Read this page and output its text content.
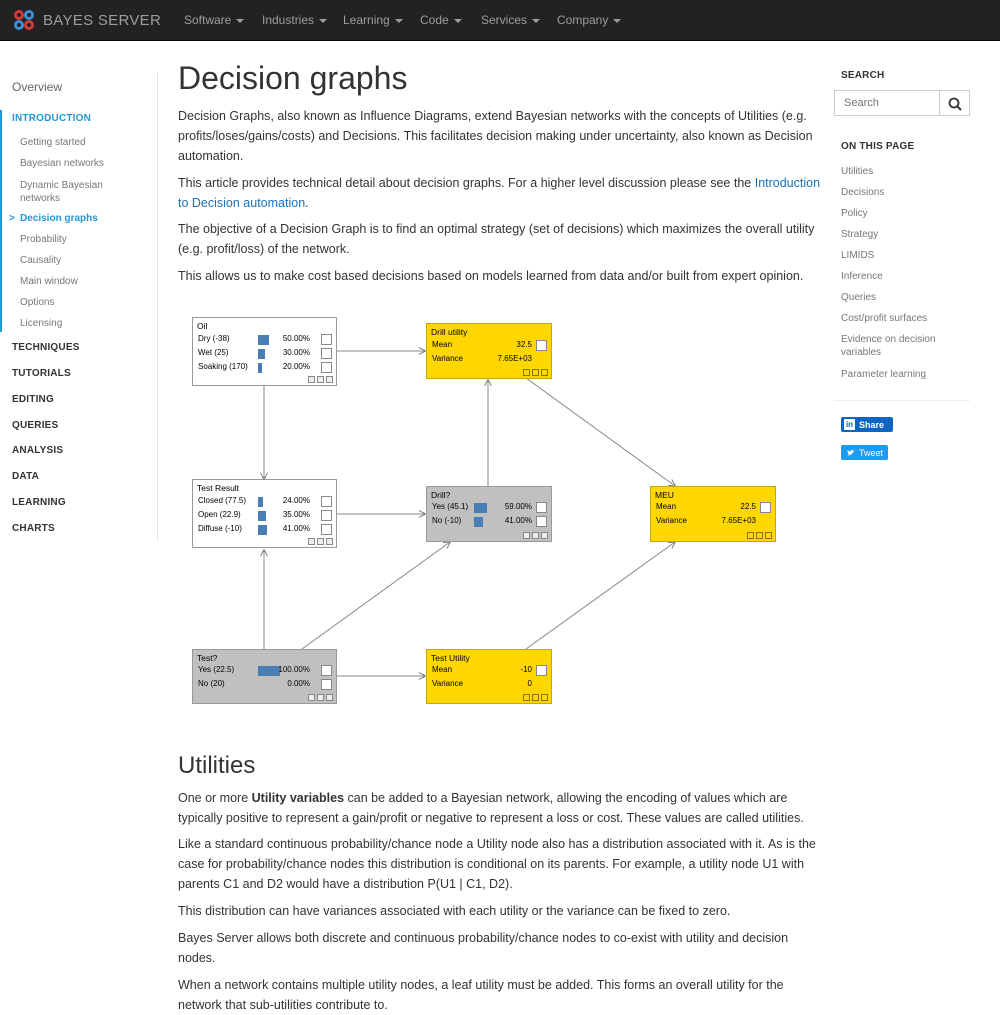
BAYES SERVER Software	Industries	Learning	Code	Services	Company
Overview
INTRODUCTION
Getting started
Bayesian networks
Dynamic Bayesian networks
> Decision graphs
Probability
Causality
Main window
Options
Licensing
TECHNIQUES
TUTORIALS
EDITING
QUERIES
ANALYSIS
DATA
LEARNING
CHARTS
Decision graphs

Decision Graphs, also known as Influence Diagrams, extend Bayesian networks with the concepts of Utilities (e.g. profits/loses/gains/costs) and Decisions. This facilitates decision making under uncertainty, also known as Decision automation.

This article provides technical detail about decision graphs. For a higher level discussion please see the Introduction to Decision automation.

The objective of a Decision Graph is to find an optimal strategy (set of decisions) which maximizes the overall utility (e.g. profit/loss) of the network.

This allows us to make cost based decisions based on models learned from data and/or built from expert opinion.

Oil
Dry (-38)	50.00%
Wet (25)	30.00%
Soaking (170)	20.00%
Test Result
Closed (77.5)	24.00%
Open (22.9)	35.00%
Diffuse (-10)	41.00%
Test?
Yes (22.5)	100.00%
No (20)	0.00%
Drill?
Yes (45.1)	59.00%
No (-10)	41.00%
Drill utility
Mean	32.5
Variance	7.65E+03
MEU
Mean	22.5
Variance	7.65E+03
Test Utility
Mean	-10
Variance	0
Utilities

One or more Utility variables can be added to a Bayesian network, allowing the encoding of values which are typically positive to represent a gain/profit or negative to represent a loss or cost. These values are called utilities.

Like a standard continuous probability/chance node a Utility node also has a distribution associated with it. As is the case for probability/chance nodes this distribution is conditional on its parents. For example, a utility node U1 with parents C1 and D2 would have a distribution P(U1 | C1, D2).

This distribution can have variances associated with each utility or the variance can be fixed to zero.

Bayes Server allows both discrete and continuous probability/chance nodes to co-exist with utility and decision nodes.

When a network contains multiple utility nodes, a leaf utility must be added. This forms an overall utility for the network that sub-utilities contribute to.

SEARCH
Search
ON THIS PAGE
Utilities
Decisions
Policy
Strategy
LIMIDS
Inference
Queries
Cost/profit surfaces
Evidence on decision variables
Parameter learning
in Share
Tweet
